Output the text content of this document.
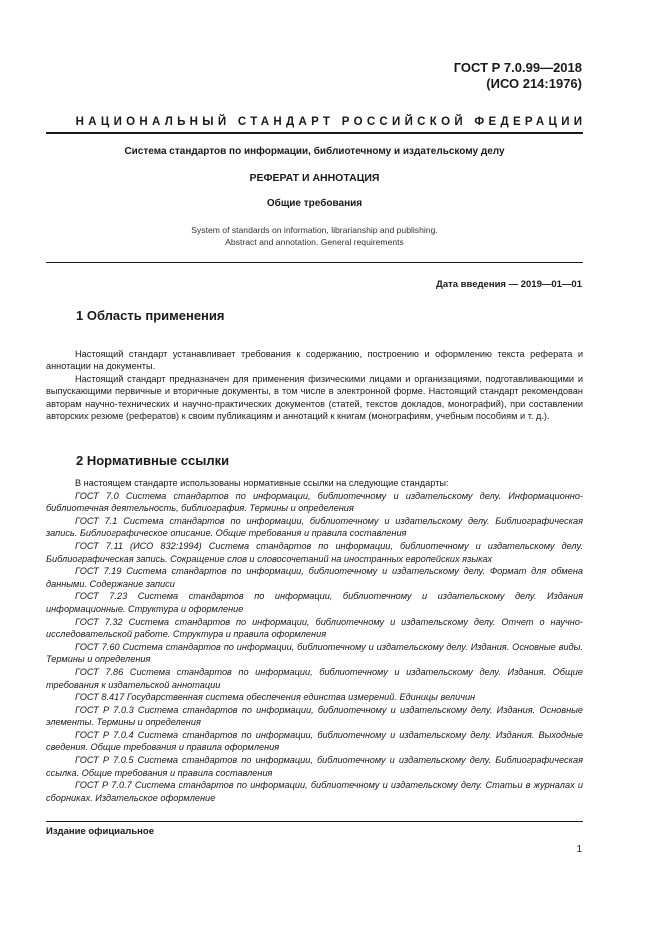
ГОСТ Р 7.0.99—2018
(ИСО 214:1976)
НАЦИОНАЛЬНЫЙ СТАНДАРТ РОССИЙСКОЙ ФЕДЕРАЦИИ
Система стандартов по информации, библиотечному и издательскому делу
РЕФЕРАТ И АННОТАЦИЯ
Общие требования
System of standards on information, librarianship and publishing.
Abstract and annotation. General requirements
Дата введения — 2019—01—01
1 Область применения

Настоящий стандарт устанавливает требования к содержанию, построению и оформлению текста реферата и аннотации на документы.

Настоящий стандарт предназначен для применения физическими лицами и организациями, подготавливающими и выпускающими первичные и вторичные документы, в том числе в электронной форме. Настоящий стандарт рекомендован авторам научно-технических и научно-практических документов (статей, текстов докладов, монографий), при составлении авторских резюме (рефератов) к своим публикациям и аннотаций к книгам (монографиям, учебным пособиям и т. д.).

2 Нормативные ссылки

В настоящем стандарте использованы нормативные ссылки на следующие стандарты:

ГОСТ 7.0 Система стандартов по информации, библиотечному и издательскому делу. Информационно-библиотечная деятельность, библиография. Термины и определения

ГОСТ 7.1 Система стандартов по информации, библиотечному и издательскому делу. Библиографическая запись. Библиографическое описание. Общие требования и правила составления

ГОСТ 7.11 (ИСО 832:1994) Система стандартов по информации, библиотечному и издательскому делу. Библиографическая запись. Сокращение слов и словосочетаний на иностранных европейских языках

ГОСТ 7.19 Система стандартов по информации, библиотечному и издательскому делу. Формат для обмена данными. Содержание записи

ГОСТ 7.23 Система стандартов по информации, библиотечному и издательскому делу. Издания информационные. Структура и оформление

ГОСТ 7.32 Система стандартов по информации, библиотечному и издательскому делу. Отчет о научно-исследовательской работе. Структура и правила оформления

ГОСТ 7.60 Система стандартов по информации, библиотечному и издательскому делу. Издания. Основные виды. Термины и определения

ГОСТ 7.86 Система стандартов по информации, библиотечному и издательскому делу. Издания. Общие требования к издательской аннотации

ГОСТ 8.417 Государственная система обеспечения единства измерений. Единицы величин

ГОСТ Р 7.0.3 Система стандартов по информации, библиотечному и издательскому делу. Издания. Основные элементы. Термины и определения

ГОСТ Р 7.0.4 Система стандартов по информации, библиотечному и издательскому делу. Издания. Выходные сведения. Общие требования и правила оформления

ГОСТ Р 7.0.5 Система стандартов по информации, библиотечному и издательскому делу. Библиографическая ссылка. Общие требования и правила составления

ГОСТ Р 7.0.7 Система стандартов по информации, библиотечному и издательскому делу. Статьи в журналах и сборниках. Издательское оформление

Издание официальное
1
